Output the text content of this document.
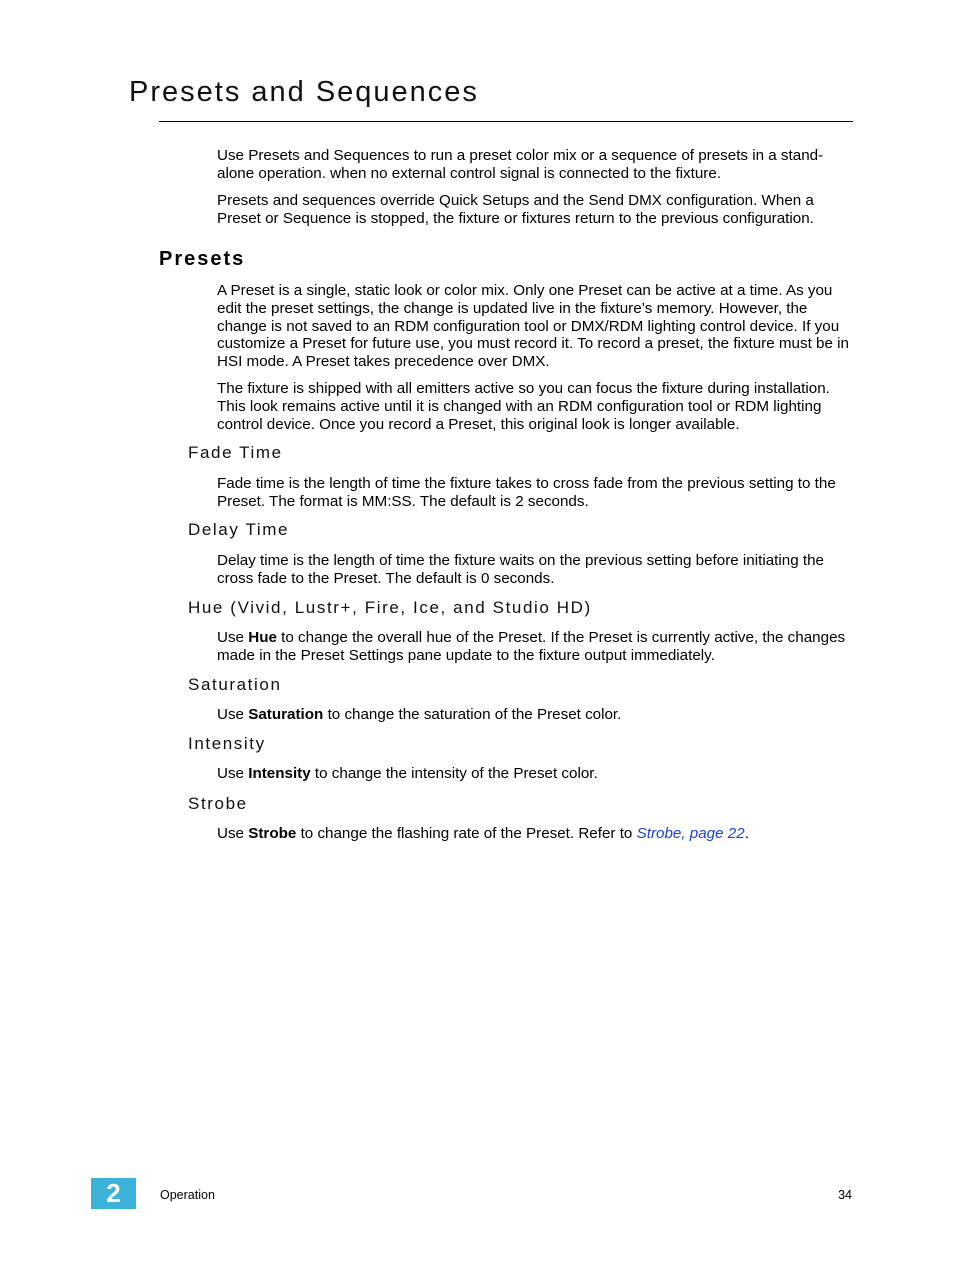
Presets and Sequences

Use Presets and Sequences to run a preset color mix or a sequence of presets in a stand-alone operation. when no external control signal is connected to the fixture.

Presets and sequences override Quick Setups and the Send DMX configuration. When a Preset or Sequence is stopped, the fixture or fixtures return to the previous configuration.

Presets

A Preset is a single, static look or color mix. Only one Preset can be active at a time. As you edit the preset settings, the change is updated live in the fixture’s memory. However, the change is not saved to an RDM configuration tool or DMX/RDM lighting control device. If you customize a Preset for future use, you must record it. To record a preset, the fixture must be in HSI mode. A Preset takes precedence over DMX.

The fixture is shipped with all emitters active so you can focus the fixture during installation. This look remains active until it is changed with an RDM configuration tool or RDM lighting control device. Once you record a Preset, this original look is longer available.

Fade Time

Fade time is the length of time the fixture takes to cross fade from the previous setting to the Preset. The format is MM:SS. The default is 2 seconds.

Delay Time

Delay time is the length of time the fixture waits on the previous setting before initiating the cross fade to the Preset. The default is 0 seconds.

Hue (Vivid, Lustr+, Fire, Ice, and Studio HD)

Use Hue to change the overall hue of the Preset. If the Preset is currently active, the changes made in the Preset Settings pane update to the fixture output immediately.

Saturation

Use Saturation to change the saturation of the Preset color.

Intensity

Use Intensity to change the intensity of the Preset color.

Strobe

Use Strobe to change the flashing rate of the Preset. Refer to Strobe, page 22.

2	Operation	34
